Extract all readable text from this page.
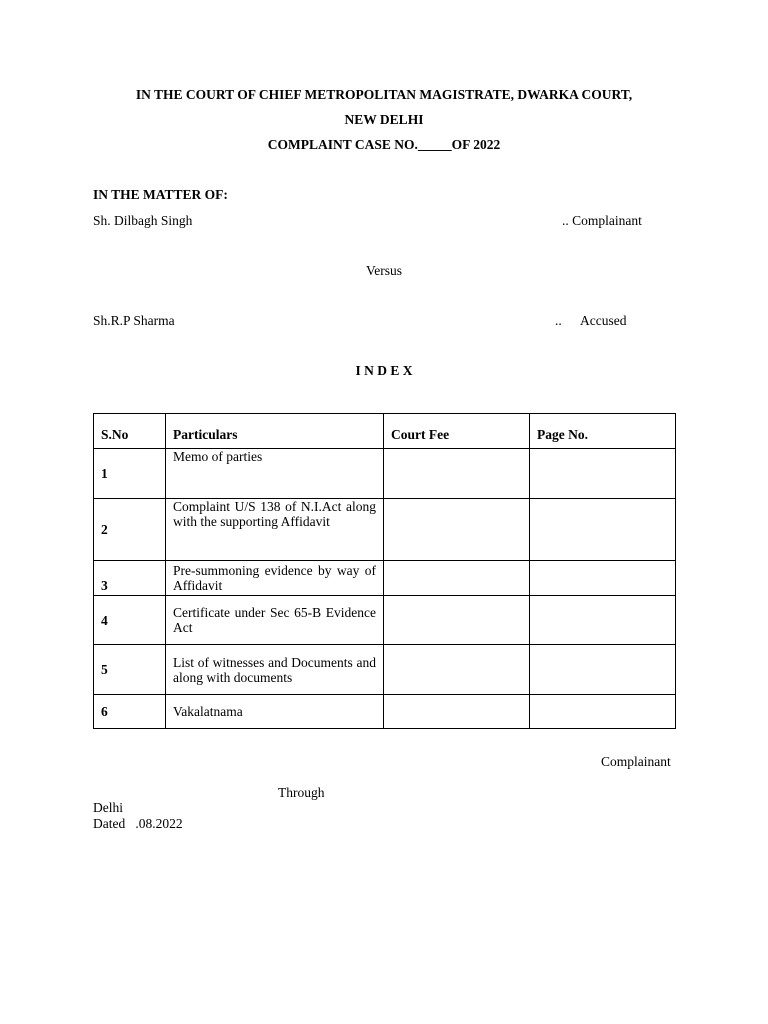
IN THE COURT OF CHIEF METROPOLITAN MAGISTRATE, DWARKA COURT,
NEW DELHI
COMPLAINT CASE NO._____OF 2022
IN THE MATTER OF:
Sh. Dilbagh Singh	.. Complainant
Versus
Sh.R.P Sharma	.. Accused
I N D E X
S.No	Particulars	Court Fee	Page No.
1	Memo of parties		
2	Complaint U/S 138 of N.I.Act along with the supporting Affidavit		
3	Pre-summoning evidence by way of Affidavit		
4	Certificate under Sec 65-B Evidence Act		
5	List of witnesses and Documents and along with documents		
6	Vakalatnama		
Complainant
Through
Delhi
Dated   .08.2022
